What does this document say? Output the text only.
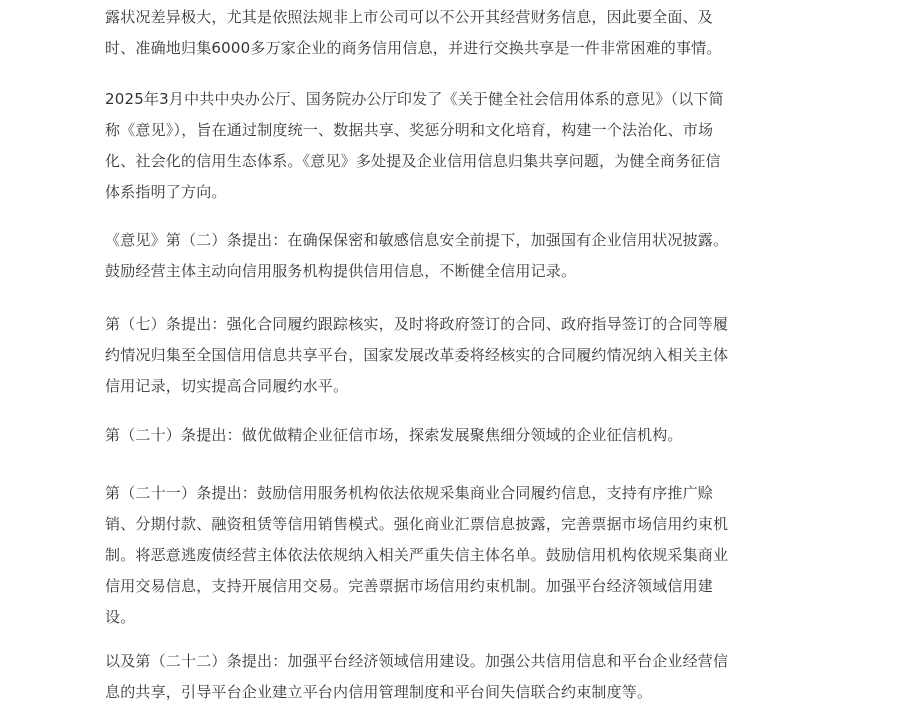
露状况差异极大，尤其是依照法规非上市公司可以不公开其经营财务信息，因此要全面、及
时、准确地归集6000多万家企业的商务信用信息，并进行交换共享是一件非常困难的事情。
2025年3月中共中央办公厅、国务院办公厅印发了《关于健全社会信用体系的意见》（以下简
称《意见》），旨在通过制度统一、数据共享、奖惩分明和文化培育，构建一个法治化、市场
化、社会化的信用生态体系。《意见》多处提及企业信用信息归集共享问题，为健全商务征信
体系指明了方向。
《意见》第（二）条提出：在确保保密和敏感信息安全前提下，加强国有企业信用状况披露。
鼓励经营主体主动向信用服务机构提供信用信息，不断健全信用记录。
第（七）条提出：强化合同履约跟踪核实，及时将政府签订的合同、政府指导签订的合同等履
约情况归集至全国信用信息共享平台，国家发展改革委将经核实的合同履约情况纳入相关主体
信用记录，切实提高合同履约水平。
第（二十）条提出：做优做精企业征信市场，探索发展聚焦细分领域的企业征信机构。
第（二十一）条提出：鼓励信用服务机构依法依规采集商业合同履约信息，支持有序推广赊
销、分期付款、融资租赁等信用销售模式。强化商业汇票信息披露，完善票据市场信用约束机
制。将恶意逃废债经营主体依法依规纳入相关严重失信主体名单。鼓励信用机构依规采集商业
信用交易信息，支持开展信用交易。完善票据市场信用约束机制。加强平台经济领域信用建
设。
以及第（二十二）条提出：加强平台经济领域信用建设。加强公共信用信息和平台企业经营信
息的共享，引导平台企业建立平台内信用管理制度和平台间失信联合约束制度等。
